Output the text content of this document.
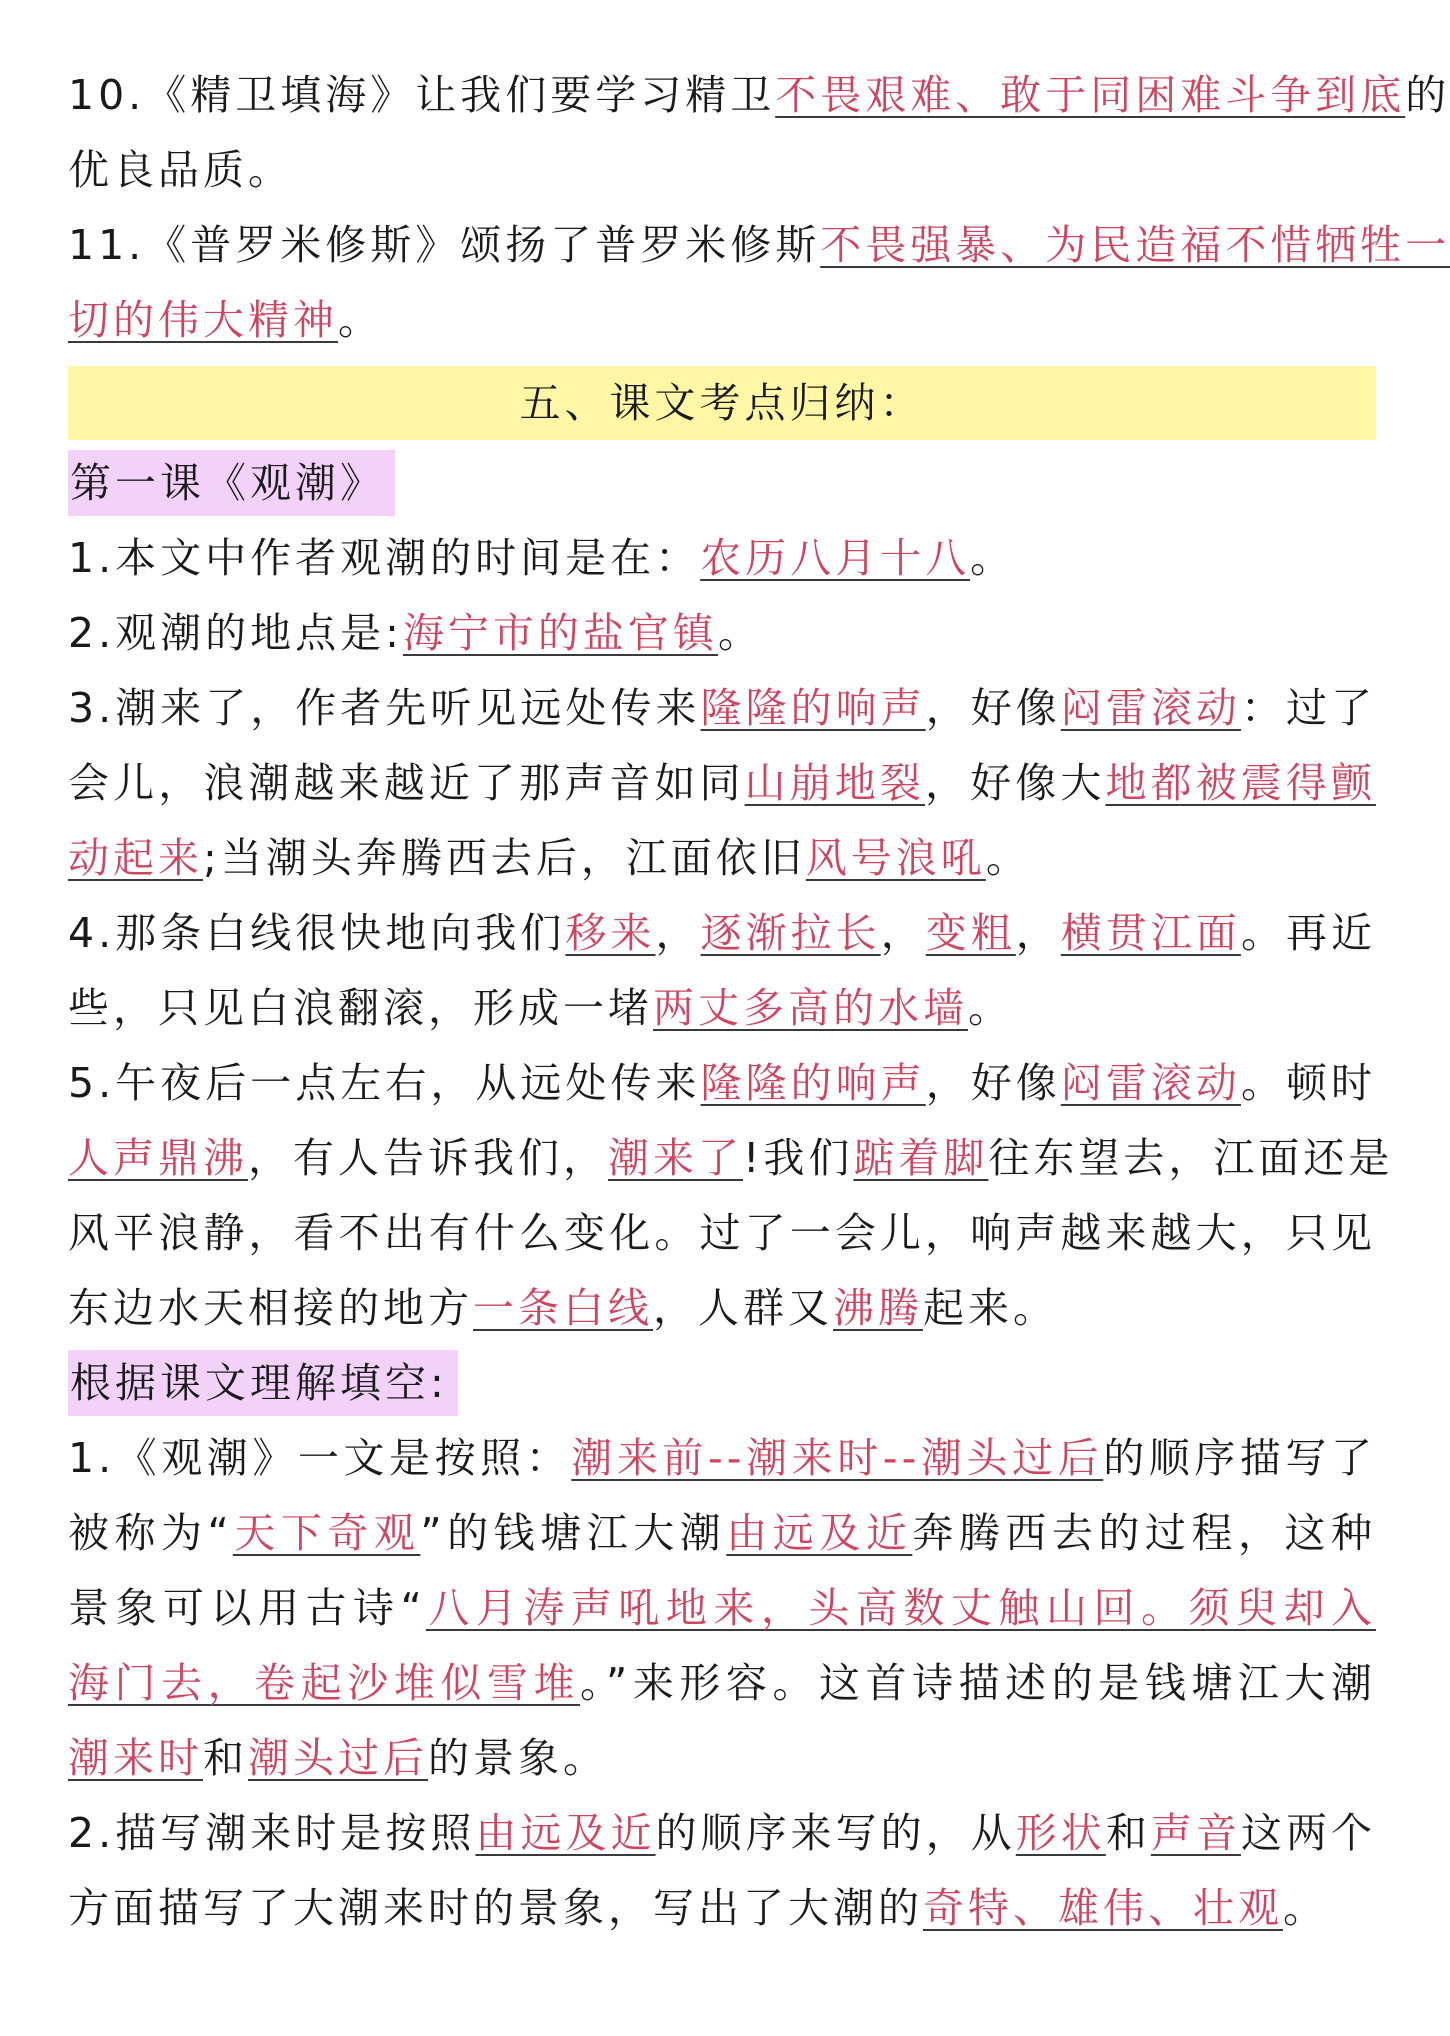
10.《精卫填海》让我们要学习精卫不畏艰难、敢于同困难斗争到底的
优良品质。
11.《普罗米修斯》颂扬了普罗米修斯不畏强暴、为民造福不惜牺牲一
切的伟大精神。
五、课文考点归纳：
第一课《观潮》
1.本文中作者观潮的时间是在：农历八月十八。
2.观潮的地点是:海宁市的盐官镇。
3.潮来了，作者先听见远处传来隆隆的响声，好像闷雷滚动：过了
会儿，浪潮越来越近了那声音如同山崩地裂，好像大地都被震得颤
动起来;当潮头奔腾西去后，江面依旧风号浪吼。
4.那条白线很快地向我们移来，逐渐拉长，变粗，横贯江面。再近
些，只见白浪翻滚，形成一堵两丈多高的水墙。
5.午夜后一点左右，从远处传来隆隆的响声，好像闷雷滚动。顿时
人声鼎沸，有人告诉我们，潮来了!我们踮着脚往东望去，江面还是
风平浪静，看不出有什么变化。过了一会儿，响声越来越大，只见
东边水天相接的地方一条白线，人群又沸腾起来。
根据课文理解填空:
1.《观潮》一文是按照：潮来前--潮来时--潮头过后的顺序描写了
被称为“天下奇观”的钱塘江大潮由远及近奔腾西去的过程，这种
景象可以用古诗“八月涛声吼地来，头高数丈触山回。须臾却入
海门去，卷起沙堆似雪堆。”来形容。这首诗描述的是钱塘江大潮
潮来时和潮头过后的景象。
2.描写潮来时是按照由远及近的顺序来写的，从形状和声音这两个
方面描写了大潮来时的景象，写出了大潮的奇特、雄伟、壮观。
